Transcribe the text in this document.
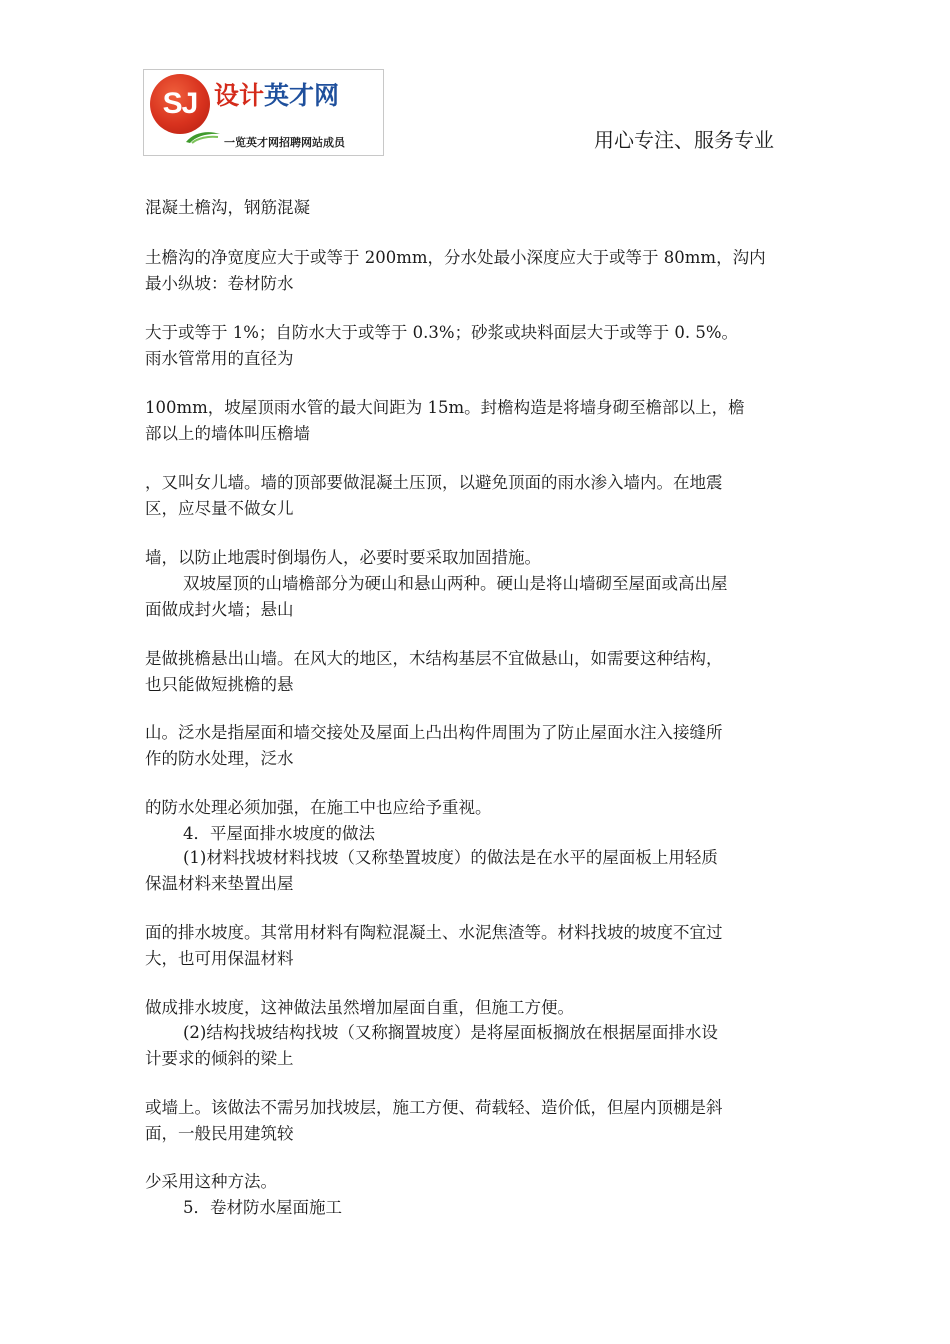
SJ 设计英才网
一览英才网招聘网站成员	用心专注、服务专业
混凝土檐沟，钢筋混凝
土檐沟的净宽度应大于或等于 200mm，分水处最小深度应大于或等于 80mm，沟内
最小纵坡：卷材防水
大于或等于 1%；自防水大于或等于 0.3%；砂浆或块料面层大于或等于 0. 5%。
雨水管常用的直径为
100mm，坡屋顶雨水管的最大间距为 15m。封檐构造是将墙身砌至檐部以上，檐
部以上的墙体叫压檐墙
，又叫女儿墙。墙的顶部要做混凝土压顶，以避免顶面的雨水渗入墙内。在地震
区，应尽量不做女儿
墙，以防止地震时倒塌伤人，必要时要采取加固措施。
双坡屋顶的山墙檐部分为硬山和悬山两种。硬山是将山墙砌至屋面或高出屋
面做成封火墙；悬山
是做挑檐悬出山墙。在风大的地区，木结构基层不宜做悬山，如需要这种结构，
也只能做短挑檐的悬
山。泛水是指屋面和墙交接处及屋面上凸出构件周围为了防止屋面水注入接缝所
作的防水处理，泛水
的防水处理必须加强，在施工中也应给予重视。
4．平屋面排水坡度的做法
(1)材料找坡材料找坡（又称垫置坡度）的做法是在水平的屋面板上用轻质
保温材料来垫置出屋
面的排水坡度。其常用材料有陶粒混凝土、水泥焦渣等。材料找坡的坡度不宜过
大，也可用保温材料
做成排水坡度，这神做法虽然增加屋面自重，但施工方便。
(2)结构找坡结构找坡（又称搁置坡度）是将屋面板搁放在根据屋面排水设
计要求的倾斜的梁上
或墙上。该做法不需另加找坡层，施工方便、荷载轻、造价低，但屋内顶棚是斜
面，一般民用建筑较
少采用这种方法。
5．卷材防水屋面施工
